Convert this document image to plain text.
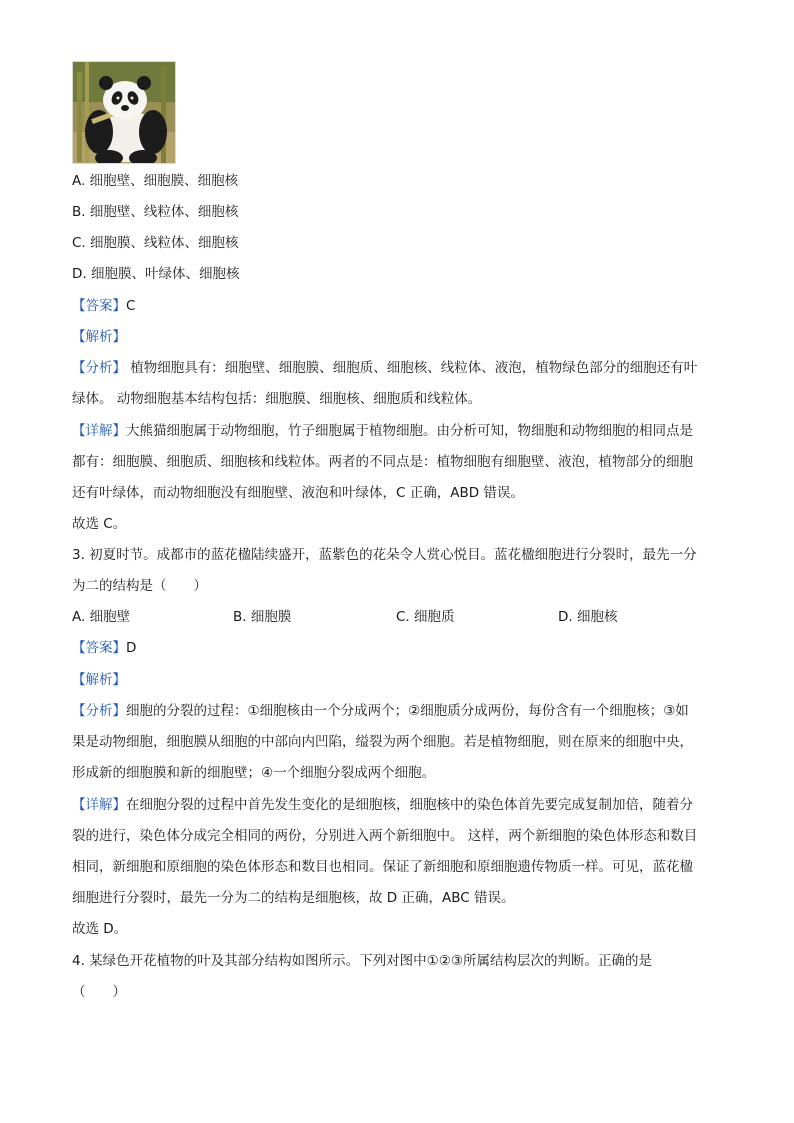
A. 细胞壁、细胞膜、细胞核
B. 细胞壁、线粒体、细胞核
C. 细胞膜、线粒体、细胞核
D. 细胞膜、叶绿体、细胞核
【答案】C
【解析】
【分析】 植物细胞具有：细胞壁、细胞膜、细胞质、细胞核、线粒体、液泡，植物绿色部分的细胞还有叶
绿体。 动物细胞基本结构包括：细胞膜、细胞核、细胞质和线粒体。
【详解】大熊猫细胞属于动物细胞，竹子细胞属于植物细胞。由分析可知，物细胞和动物细胞的相同点是
都有：细胞膜、细胞质、细胞核和线粒体。两者的不同点是：植物细胞有细胞壁、液泡，植物部分的细胞
还有叶绿体，而动物细胞没有细胞壁、液泡和叶绿体，C 正确，ABD 错误。
故选 C。
3. 初夏时节。成都市的蓝花楹陆续盛开，蓝紫色的花朵令人赏心悦目。蓝花楹细胞进行分裂时，最先一分
为二的结构是（　　）
A. 细胞壁	B. 细胞膜	C. 细胞质	D. 细胞核
【答案】D
【解析】
【分析】细胞的分裂的过程：①细胞核由一个分成两个；②细胞质分成两份，每份含有一个细胞核；③如
果是动物细胞，细胞膜从细胞的中部向内凹陷，缢裂为两个细胞。若是植物细胞，则在原来的细胞中央，
形成新的细胞膜和新的细胞壁；④一个细胞分裂成两个细胞。
【详解】在细胞分裂的过程中首先发生变化的是细胞核，细胞核中的染色体首先要完成复制加倍，随着分
裂的进行，染色体分成完全相同的两份，分别进入两个新细胞中。 这样，两个新细胞的染色体形态和数目
相同，新细胞和原细胞的染色体形态和数目也相同。保证了新细胞和原细胞遗传物质一样。可见，蓝花楹
细胞进行分裂时，最先一分为二的结构是细胞核，故 D 正确，ABC 错误。
故选 D。
4. 某绿色开花植物的叶及其部分结构如图所示。下列对图中①②③所属结构层次的判断。正确的是
（　　）
